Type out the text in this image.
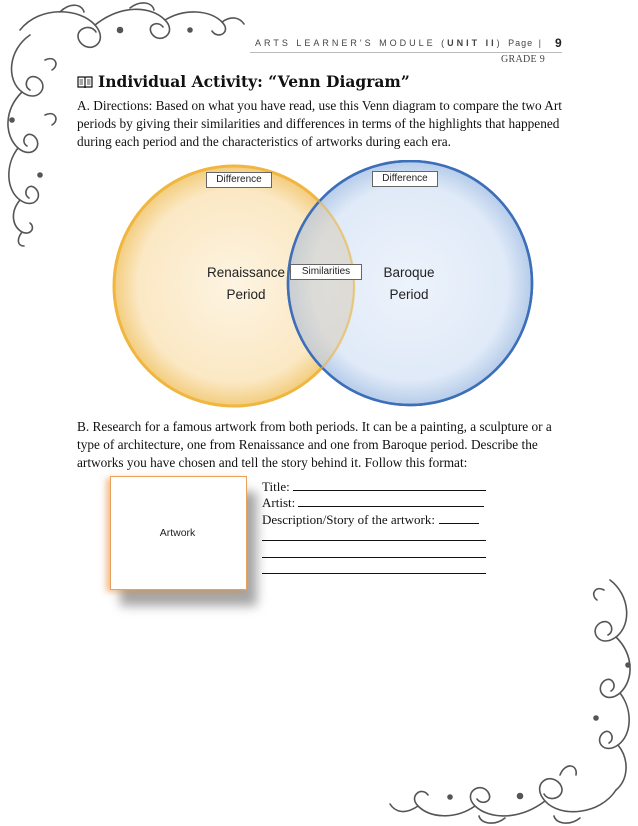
ARTS LEARNER'S MODULE (UNIT II) Page | 9
GRADE 9
Individual Activity: “Venn Diagram”
A. Directions: Based on what you have read, use this Venn diagram to compare the two Art periods by giving their similarities and differences in terms of the highlights that happened during each period and the characteristics of artworks during each era.
Difference	Difference
Similarities
Renaissance
Period
Baroque
Period
B. Research for a famous artwork from both periods. It can be a painting, a sculpture or a type of architecture, one from Renaissance and one from Baroque period. Describe the artworks you have chosen and tell the story behind it. Follow this format:
Artwork
Title:
Artist:
Description/Story of the artwork:
